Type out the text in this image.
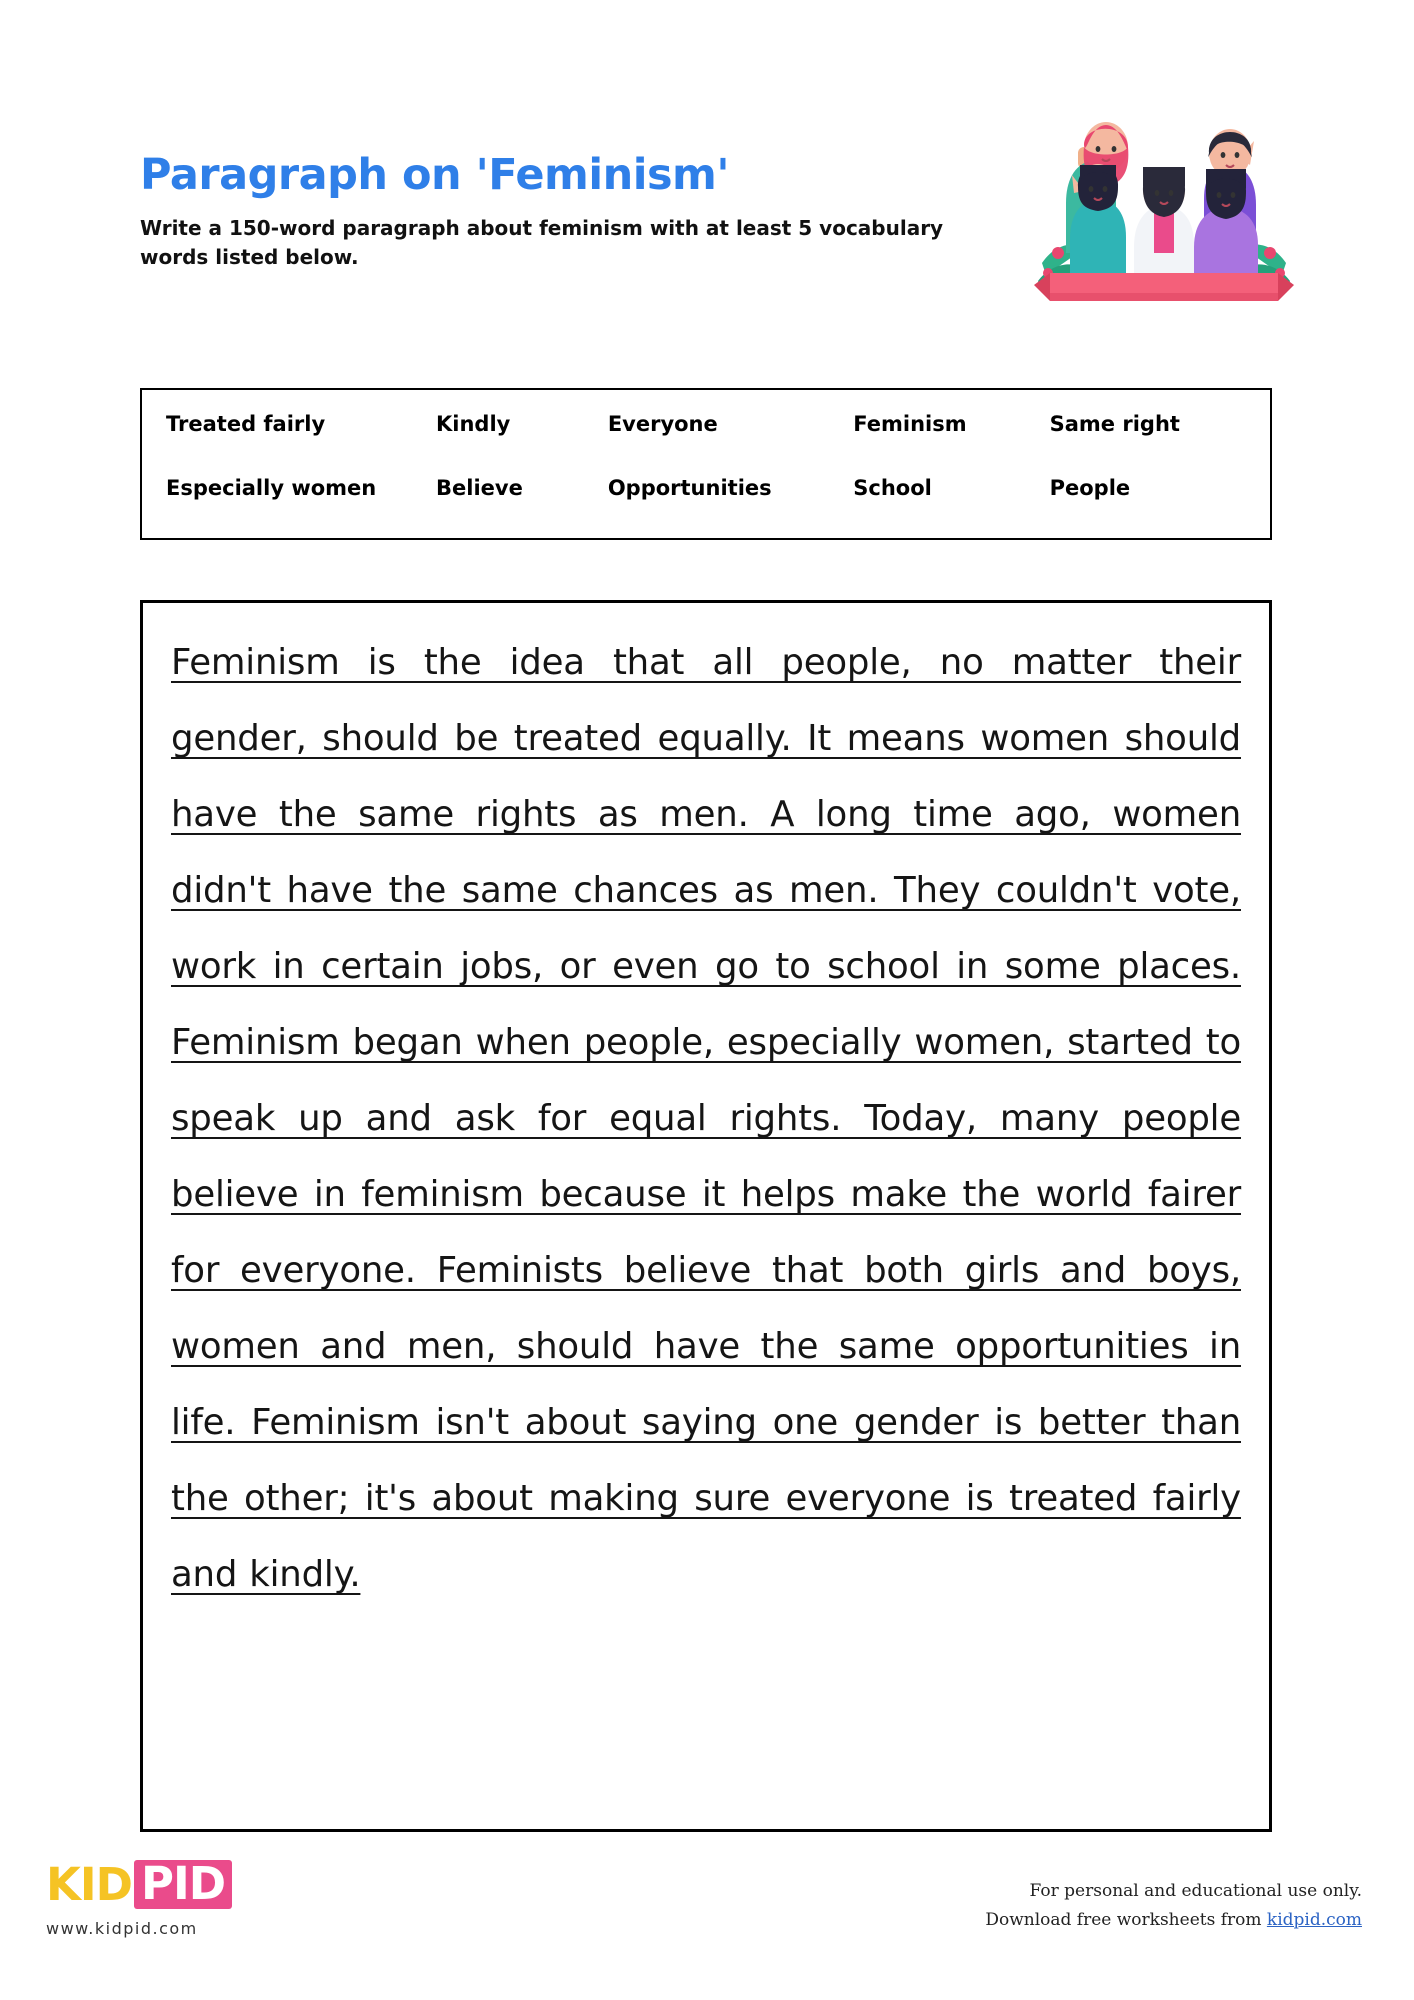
Paragraph on 'Feminism'

Write a 150-word paragraph about feminism with at least 5 vocabulary words listed below.

Treated fairly	Kindly	Everyone	Feminism	Same right
Especially women	Believe	Opportunities	School	People

Feminism is the idea that all people, no matter their gender, should be treated equally. It means women should have the same rights as men. A long time ago, women didn't have the same chances as men. They couldn't vote, work in certain jobs, or even go to school in some places. Feminism began when people, especially women, started to speak up and ask for equal rights. Today, many people believe in feminism because it helps make the world fairer for everyone. Feminists believe that both girls and boys, women and men, should have the same opportunities in life. Feminism isn't about saying one gender is better than the other; it's about making sure everyone is treated fairly and kindly.

KID PID
www.kidpid.com
For personal and educational use only.
Download free worksheets from kidpid.com
